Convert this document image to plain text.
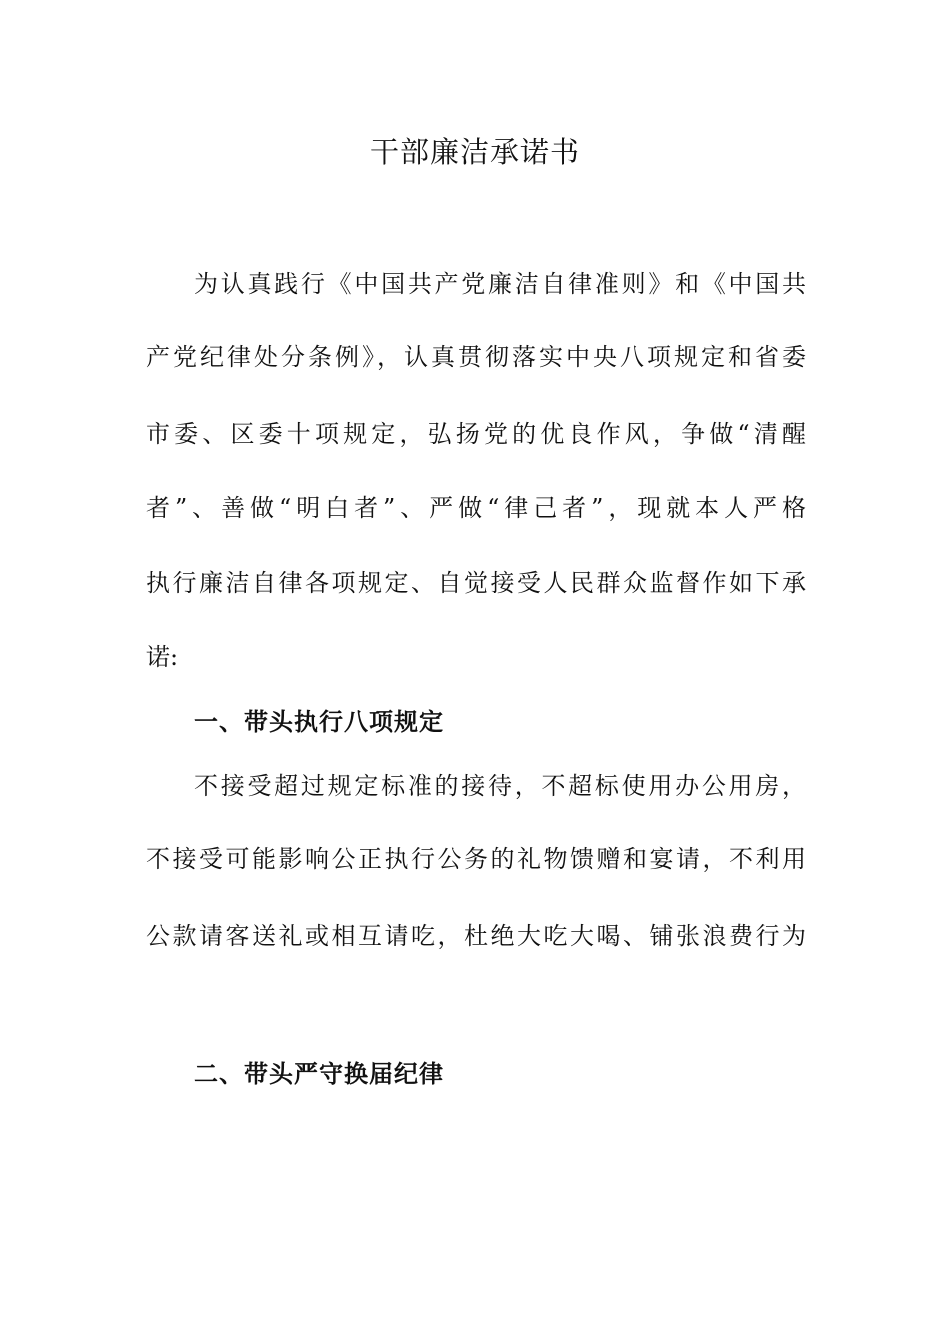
干部廉洁承诺书

为认真践行《中国共产党廉洁自律准则》和《中国共

产党纪律处分条例》，认真贯彻落实中央八项规定和省委

市委、区委十项规定，弘扬党的优良作风，争做“清醒

者”、善做“明白者”、严做“律己者”，现就本人严格

执行廉洁自律各项规定、自觉接受人民群众监督作如下承

诺:

一、带头执行八项规定

不接受超过规定标准的接待，不超标使用办公用房，

不接受可能影响公正执行公务的礼物馈赠和宴请，不利用

公款请客送礼或相互请吃，杜绝大吃大喝、铺张浪费行为

二、带头严守换届纪律
